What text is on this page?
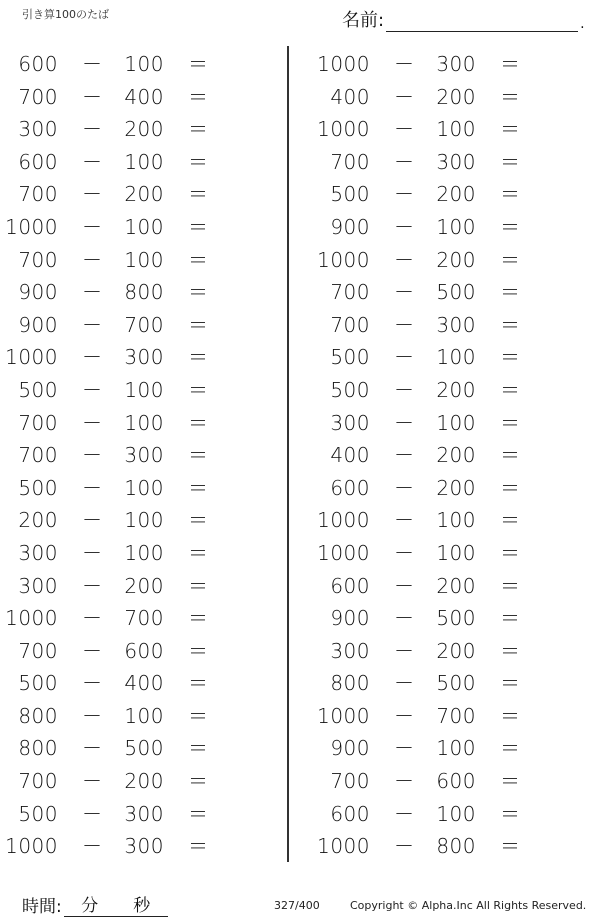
引き算100のたば	名前:	.
600 －	100 ＝
700 －	400 ＝
300 －	200 ＝
600 －	100 ＝
700 －	200 ＝
1000 －	100 ＝
700 －	100 ＝
900 －	800 ＝
900 －	700 ＝
1000 －	300 ＝
500 －	100 ＝
700 －	100 ＝
700 －	300 ＝
500 －	100 ＝
200 －	100 ＝
300 －	100 ＝
300 －	200 ＝
1000 －	700 ＝
700 －	600 ＝
500 －	400 ＝
800 －	100 ＝
800 －	500 ＝
700 －	200 ＝
500 －	300 ＝
1000 －	300 ＝
1000 －	300 ＝
400 －	200 ＝
1000 －	100 ＝
700 －	300 ＝
500 －	200 ＝
900 －	100 ＝
1000 －	200 ＝
700 －	500 ＝
700 －	300 ＝
500 －	100 ＝
500 －	200 ＝
300 －	100 ＝
400 －	200 ＝
600 －	200 ＝
1000 －	100 ＝
1000 －	100 ＝
600 －	200 ＝
900 －	500 ＝
300 －	200 ＝
800 －	500 ＝
1000 －	700 ＝
900 －	100 ＝
700 －	600 ＝
600 －	100 ＝
1000 －	800 ＝
時間: 分 秒	327/400	Copyright © Alpha.Inc All Rights Reserved.
